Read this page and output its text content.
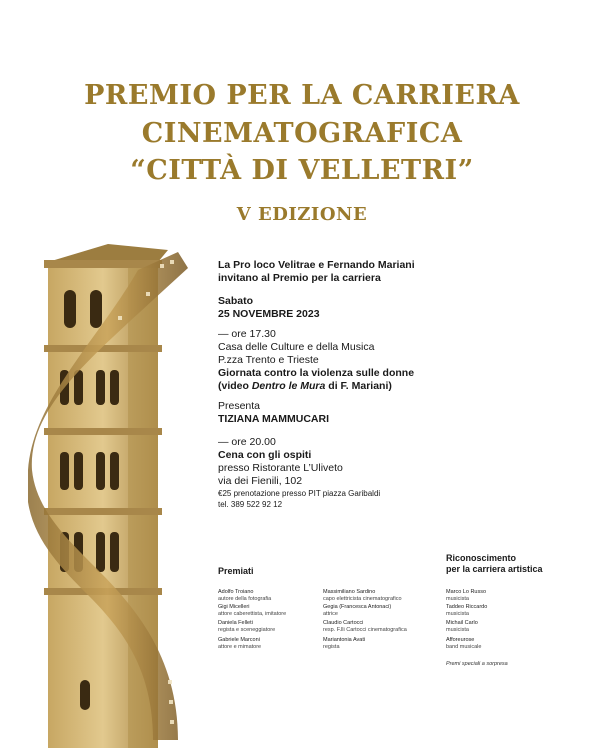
PREMIO PER LA CARRIERA
CINEMATOGRAFICA
“CITTÀ DI VELLETRI”
V EDIZIONE
La Pro loco Velitrae e Fernando Mariani
invitano al Premio per la carriera
Sabato
25 NOVEMBRE 2023
— ore 17.30
Casa delle Culture e della Musica
P.zza Trento e Trieste
Giornata contro la violenza sulle donne
(video Dentro le Mura di F. Mariani)
Presenta
TIZIANA MAMMUCARI
— ore 20.00
Cena con gli ospiti
presso Ristorante L’Uliveto
via dei Fienili, 102
€25 prenotazione presso PIT piazza Garibaldi
tel. 389 522 92 12
Premiati
Riconoscimento
per la carriera artistica
Adolfo Troiano
autore della fotografia
Gigi Micelleri
attore caberettista, imitatore
Daniela Felleti
regista e sceneggiatore
Gabriele Marconi
attore e mimatore
Massimiliano Sardino
capo elettricista cinematografico
Gegia (Francesca Antonaci)
attrice
Claudio Cartocci
resp. F.lli Cartocci cinematografica
Mariantonia Avati
regista
Marco Lo Russo
musicista
Taddeo Riccardo
musicista
Michail Carlo
musicista
Afforeurose
band musicale
Premi speciali a sorpresa
